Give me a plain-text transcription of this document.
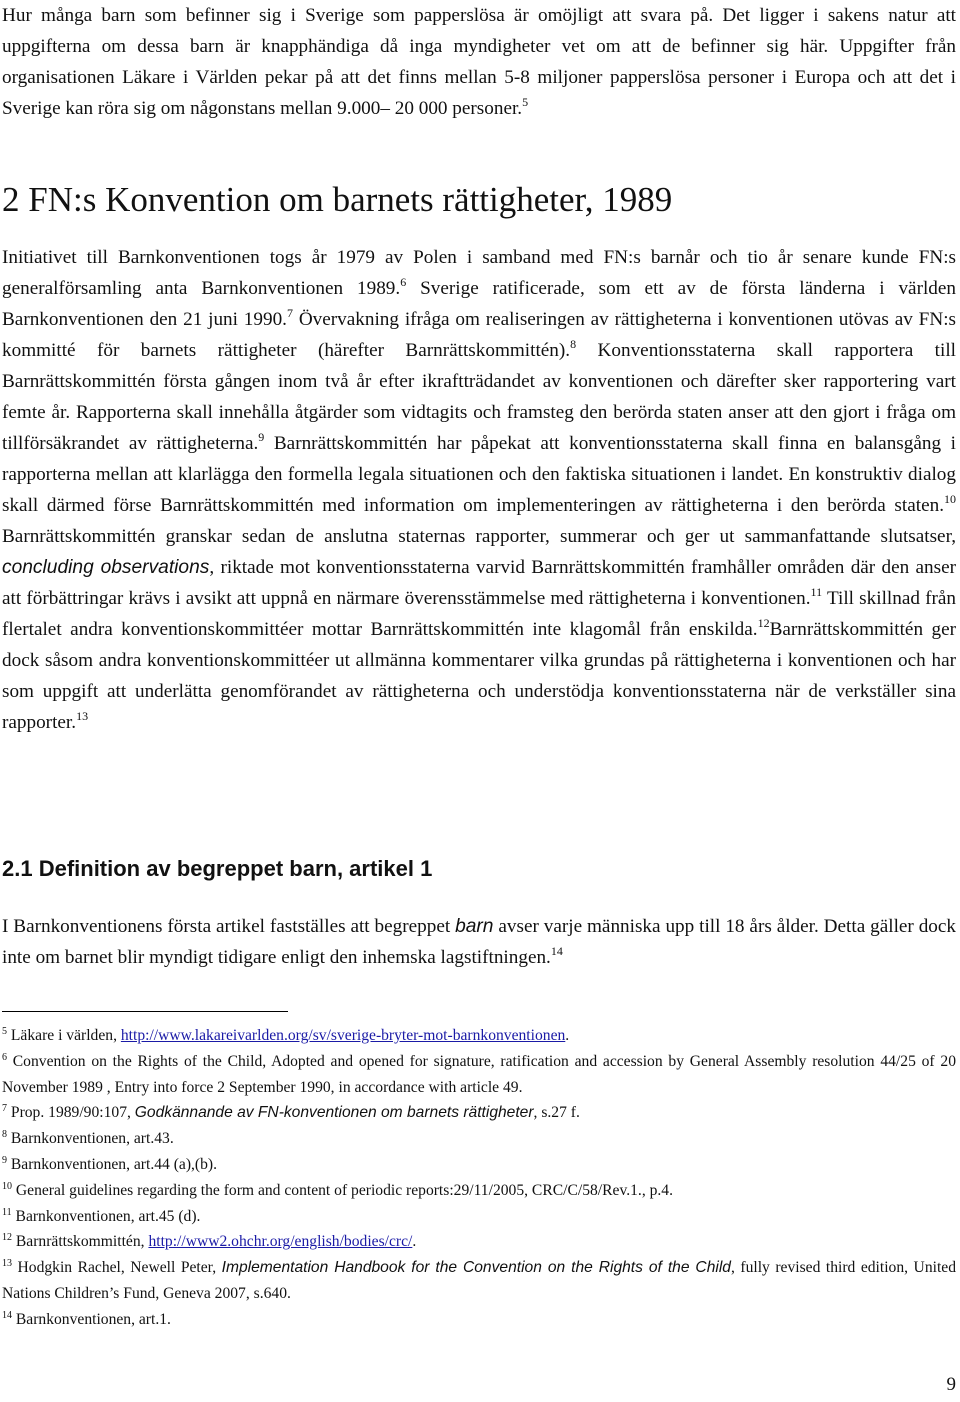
Hur många barn som befinner sig i Sverige som papperslösa är omöjligt att svara på. Det ligger i sakens natur att uppgifterna om dessa barn är knapphändiga då inga myndigheter vet om att de befinner sig här. Uppgifter från organisationen Läkare i Världen pekar på att det finns mellan 5-8 miljoner papperslösa personer i Europa och att det i Sverige kan röra sig om någonstans mellan 9.000– 20 000 personer.$^5$

2 FN:s Konvention om barnets rättigheter, 1989

Initiativet till Barnkonventionen togs år 1979 av Polen i samband med FN:s barnår och tio år senare kunde FN:s generalförsamling anta Barnkonventionen 1989.$^6$ Sverige ratificerade, som ett av de första länderna i världen Barnkonventionen den 21 juni 1990.$^7$ Övervakning ifråga om realiseringen av rättigheterna i konventionen utövas av FN:s kommitté för barnets rättigheter (härefter Barnrättskommittén).$^8$ Konventionsstaterna skall rapportera till Barnrättskommittén första gången inom två år efter ikraftträdandet av konventionen och därefter sker rapportering vart femte år. Rapporterna skall innehålla åtgärder som vidtagits och framsteg den berörda staten anser att den gjort i fråga om tillförsäkrandet av rättigheterna.$^9$ Barnrättskommittén har påpekat att konventionsstaterna skall finna en balansgång i rapporterna mellan att klarlägga den formella legala situationen och den faktiska situationen i landet. En konstruktiv dialog skall därmed förse Barnrättskommittén med information om implementeringen av rättigheterna i den berörda staten.$^{10}$ Barnrättskommittén granskar sedan de anslutna staternas rapporter, summerar och ger ut sammanfattande slutsatser, concluding observations, riktade mot konventionsstaterna varvid Barnrättskommittén framhåller områden där den anser att förbättringar krävs i avsikt att uppnå en närmare överensstämmelse med rättigheterna i konventionen.$^{11}$ Till skillnad från flertalet andra konventionskommittéer mottar Barnrättskommittén inte klagomål från enskilda.$^{12}$Barnrättskommittén ger dock såsom andra konventionskommittéer ut allmänna kommentarer vilka grundas på rättigheterna i konventionen och har som uppgift att underlätta genomförandet av rättigheterna och understödja konventionsstaterna när de verkställer sina rapporter.$^{13}$

2.1 Definition av begreppet barn, artikel 1

I Barnkonventionens första artikel fastställes att begreppet barn avser varje människa upp till 18 års ålder. Detta gäller dock inte om barnet blir myndigt tidigare enligt den inhemska lagstiftningen.$^{14}$

$^5$ Läkare i världen, http://www.lakareivarlden.org/sv/sverige-bryter-mot-barnkonventionen.

$^6$ Convention on the Rights of the Child, Adopted and opened for signature, ratification and accession by General Assembly resolution 44/25 of 20 November 1989 , Entry into force 2 September 1990, in accordance with article 49.

$^7$ Prop. 1989/90:107, Godkännande av FN-konventionen om barnets rättigheter, s.27 f.

$^8$ Barnkonventionen, art.43.

$^9$ Barnkonventionen, art.44 (a),(b).

$^{10}$ General guidelines regarding the form and content of periodic reports:29/11/2005, CRC/C/58/Rev.1., p.4.

$^{11}$ Barnkonventionen, art.45 (d).

$^{12}$ Barnrättskommittén, http://www2.ohchr.org/english/bodies/crc/.

$^{13}$ Hodgkin Rachel, Newell Peter, Implementation Handbook for the Convention on the Rights of the Child, fully revised third edition, United Nations Children’s Fund, Geneva 2007, s.640.

$^{14}$ Barnkonventionen, art.1.

9
